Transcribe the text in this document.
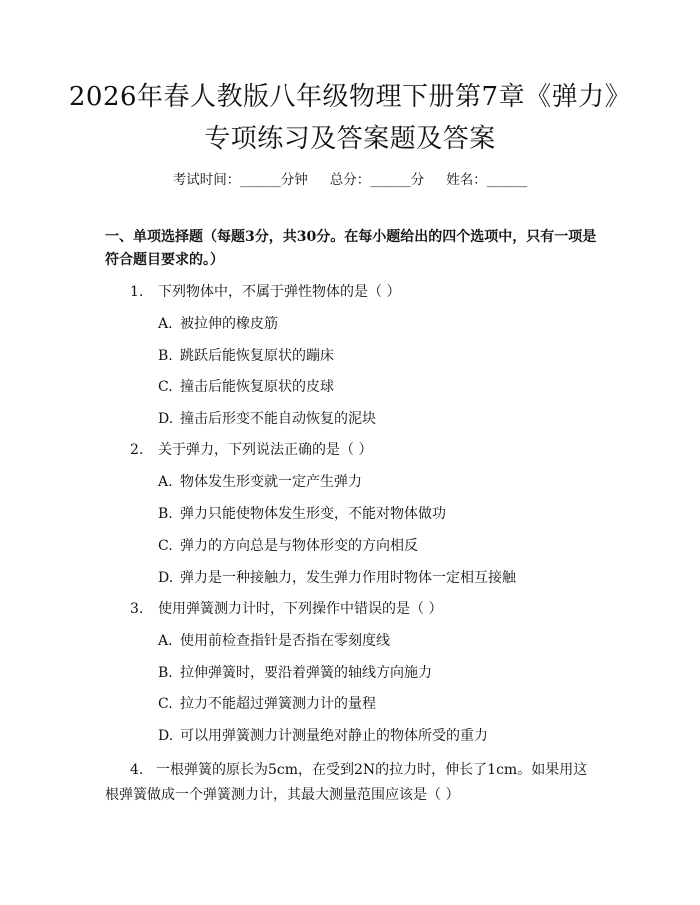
2026年春人教版八年级物理下册第7章《弹力》专项练习及答案题及答案
考试时间：______分钟 总分：______分 姓名：______
一、单项选择题（每题3分，共30分。在每小题给出的四个选项中，只有一项是符合题目要求的。）
1. 下列物体中，不属于弹性物体的是（ ）
A. 被拉伸的橡皮筋
B. 跳跃后能恢复原状的蹦床
C. 撞击后能恢复原状的皮球
D. 撞击后形变不能自动恢复的泥块
2. 关于弹力，下列说法正确的是（ ）
A. 物体发生形变就一定产生弹力
B. 弹力只能使物体发生形变，不能对物体做功
C. 弹力的方向总是与物体形变的方向相反
D. 弹力是一种接触力，发生弹力作用时物体一定相互接触
3. 使用弹簧测力计时，下列操作中错误的是（ ）
A. 使用前检查指针是否指在零刻度线
B. 拉伸弹簧时，要沿着弹簧的轴线方向施力
C. 拉力不能超过弹簧测力计的量程
D. 可以用弹簧测力计测量绝对静止的物体所受的重力
4. 一根弹簧的原长为5cm，在受到2N的拉力时，伸长了1cm。如果用这根弹簧做成一个弹簧测力计，其最大测量范围应该是（ ）
